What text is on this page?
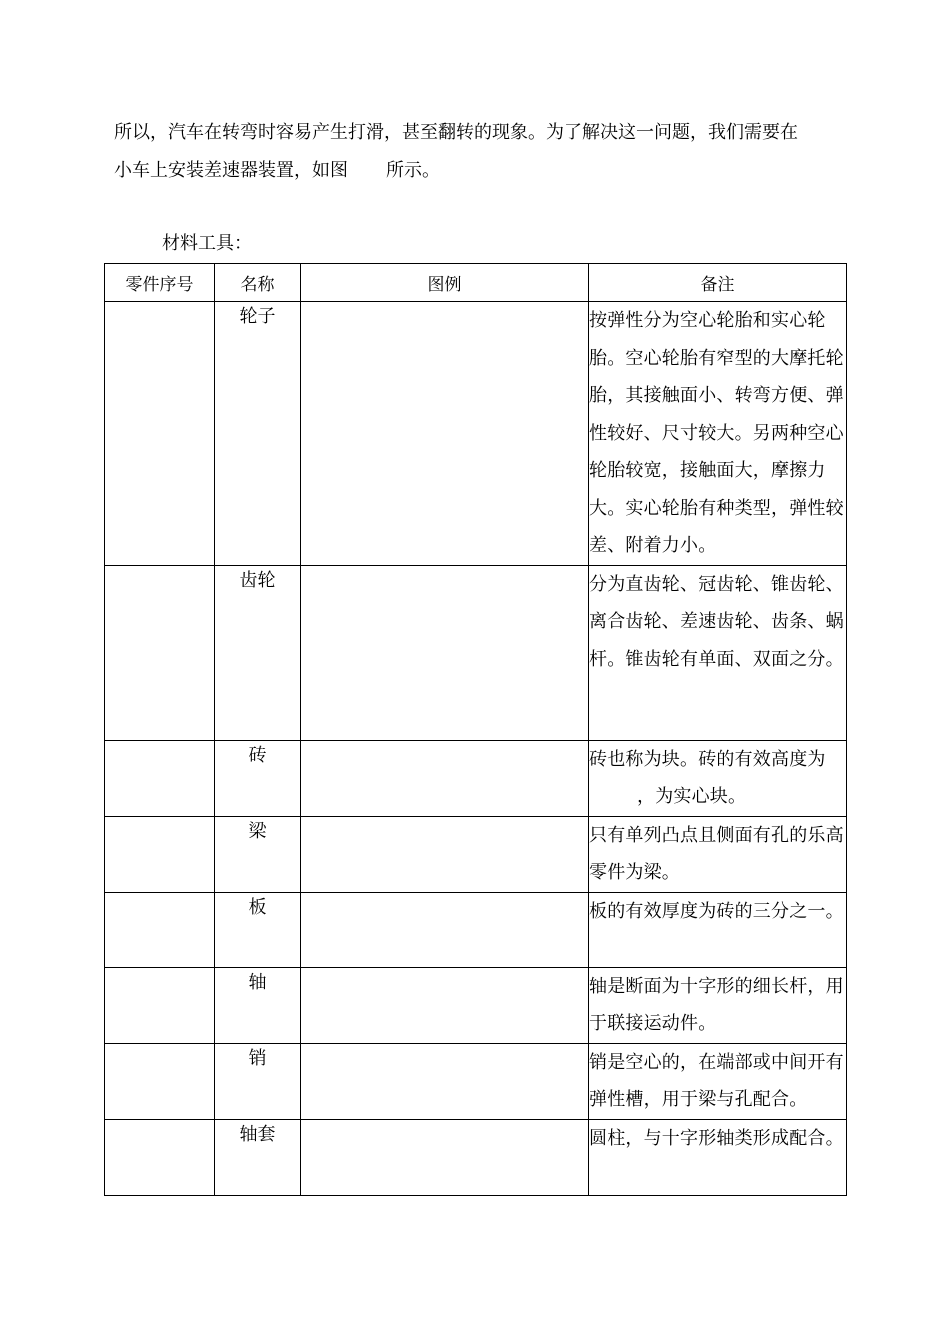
所以，汽车在转弯时容易产生打滑，甚至翻转的现象。为了解决这一问题，我们需要在
小车上安装差速器装置，如图 所示。

材料工具：
零件序号	名称	图例	备注
	轮子		按弹性分为空心轮胎和实心轮胎。空心轮胎有窄型的大摩托轮胎，其接触面小、转弯方便、弹性较好、尺寸较大。另两种空心轮胎较宽，接触面大，摩擦力大。实心轮胎有种类型，弹性较差、附着力小。
	齿轮		分为直齿轮、冠齿轮、锥齿轮、离合齿轮、差速齿轮、齿条、蜗杆。锥齿轮有单面、双面之分。
	砖		砖也称为块。砖的有效高度为
，为实心块。
	梁		只有单列凸点且侧面有孔的乐高零件为梁。
	板		板的有效厚度为砖的三分之一。
	轴		轴是断面为十字形的细长杆，用于联接运动件。
	销		销是空心的，在端部或中间开有弹性槽，用于梁与孔配合。
	轴套		圆柱，与十字形轴类形成配合。
